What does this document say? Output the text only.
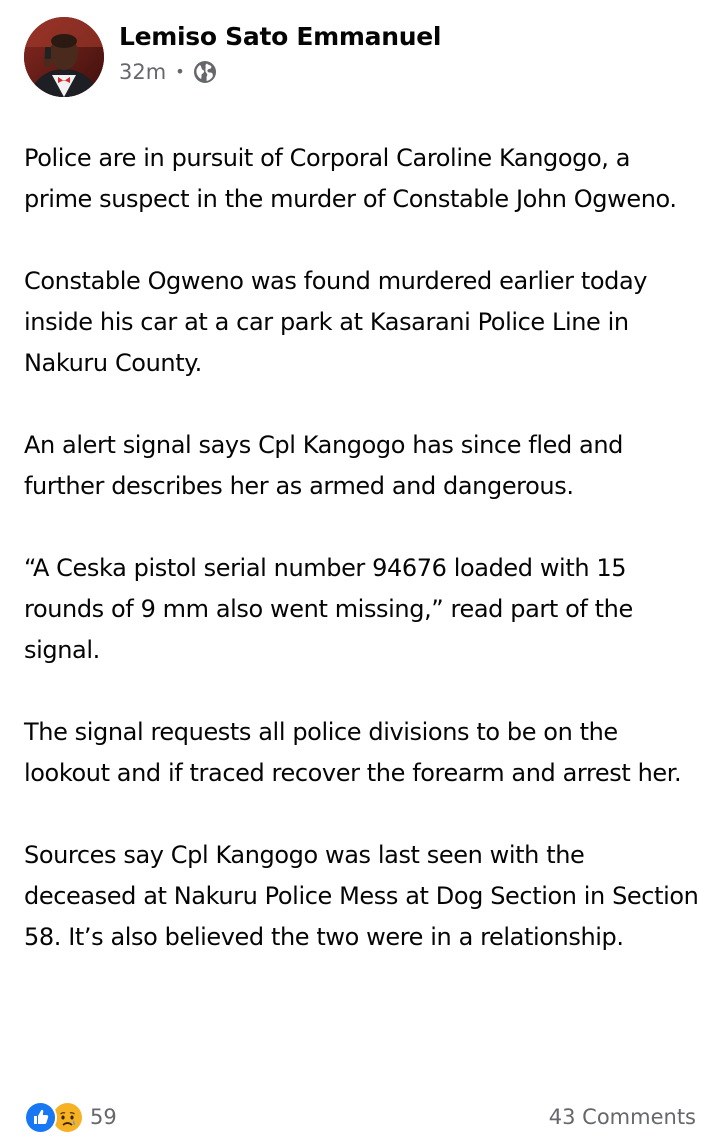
Lemiso Sato Emmanuel
32m •

Police are in pursuit of Corporal Caroline Kangogo, a prime suspect in the murder of Constable John Ogweno.

Constable Ogweno was found murdered earlier today inside his car at a car park at Kasarani Police Line in Nakuru County.

An alert signal says Cpl Kangogo has since fled and further describes her as armed and dangerous.

“A Ceska pistol serial number 94676 loaded with 15 rounds of 9 mm also went missing,” read part of the signal.

The signal requests all police divisions to be on the lookout and if traced recover the forearm and arrest her.

Sources say Cpl Kangogo was last seen with the deceased at Nakuru Police Mess at Dog Section in Section 58. It’s also believed the two were in a relationship.

59	43 Comments
